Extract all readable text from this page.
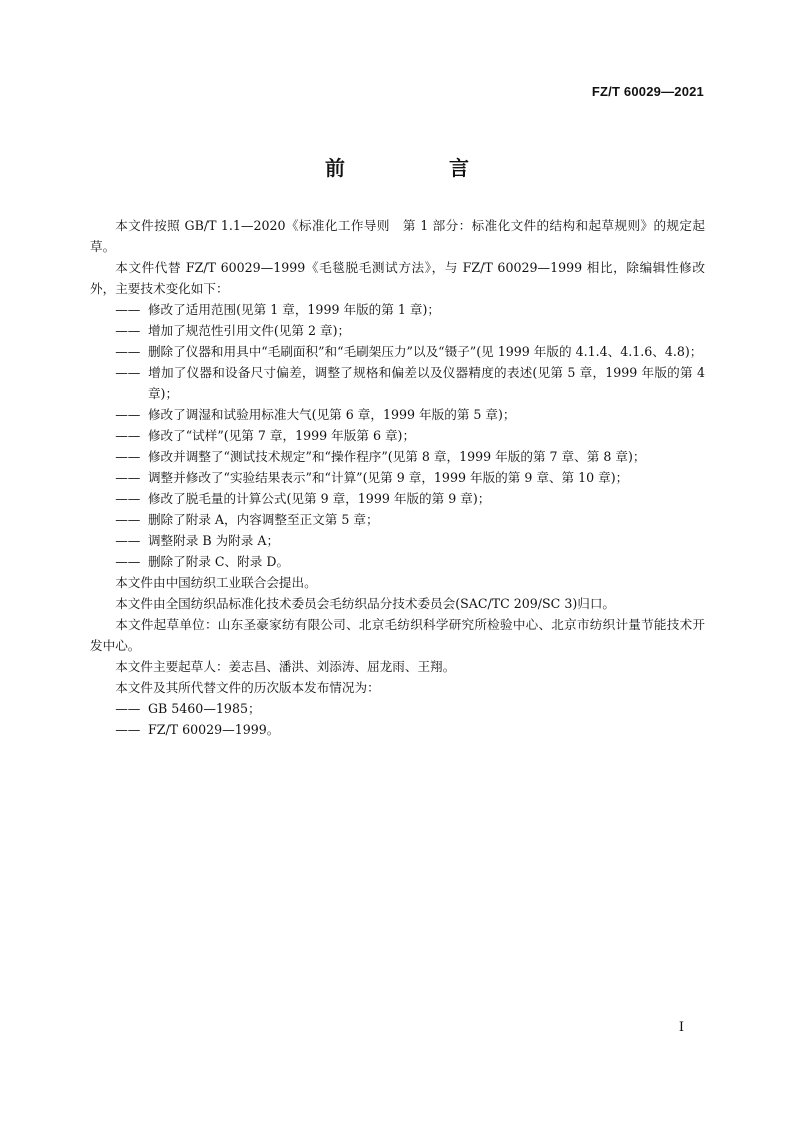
FZ/T 60029—2021
前　言

本文件按照 GB/T 1.1—2020《标准化工作导则　第 1 部分：标准化文件的结构和起草规则》的规定起草。

本文件代替 FZ/T 60029—1999《毛毯脱毛测试方法》，与 FZ/T 60029—1999 相比，除编辑性修改外，主要技术变化如下：

—— 修改了适用范围(见第 1 章，1999 年版的第 1 章)；

—— 增加了规范性引用文件(见第 2 章)；

—— 删除了仪器和用具中“毛刷面积”和“毛刷架压力”以及“镊子”(见 1999 年版的 4.1.4、4.1.6、4.8)；

—— 增加了仪器和设备尺寸偏差，调整了规格和偏差以及仪器精度的表述(见第 5 章，1999 年版的第 4 章)；

—— 修改了调湿和试验用标准大气(见第 6 章，1999 年版的第 5 章)；

—— 修改了“试样”(见第 7 章，1999 年版第 6 章)；

—— 修改并调整了“测试技术规定”和“操作程序”(见第 8 章，1999 年版的第 7 章、第 8 章)；

—— 调整并修改了“实验结果表示”和“计算”(见第 9 章，1999 年版的第 9 章、第 10 章)；

—— 修改了脱毛量的计算公式(见第 9 章，1999 年版的第 9 章)；

—— 删除了附录 A，内容调整至正文第 5 章；

—— 调整附录 B 为附录 A；

—— 删除了附录 C、附录 D。

本文件由中国纺织工业联合会提出。

本文件由全国纺织品标准化技术委员会毛纺织品分技术委员会(SAC/TC 209/SC 3)归口。

本文件起草单位：山东圣豪家纺有限公司、北京毛纺织科学研究所检验中心、北京市纺织计量节能技术开发中心。

本文件主要起草人：姜志昌、潘洪、刘添涛、屈龙雨、王翔。

本文件及其所代替文件的历次版本发布情况为：

—— GB 5460—1985；

—— FZ/T 60029—1999。

I
